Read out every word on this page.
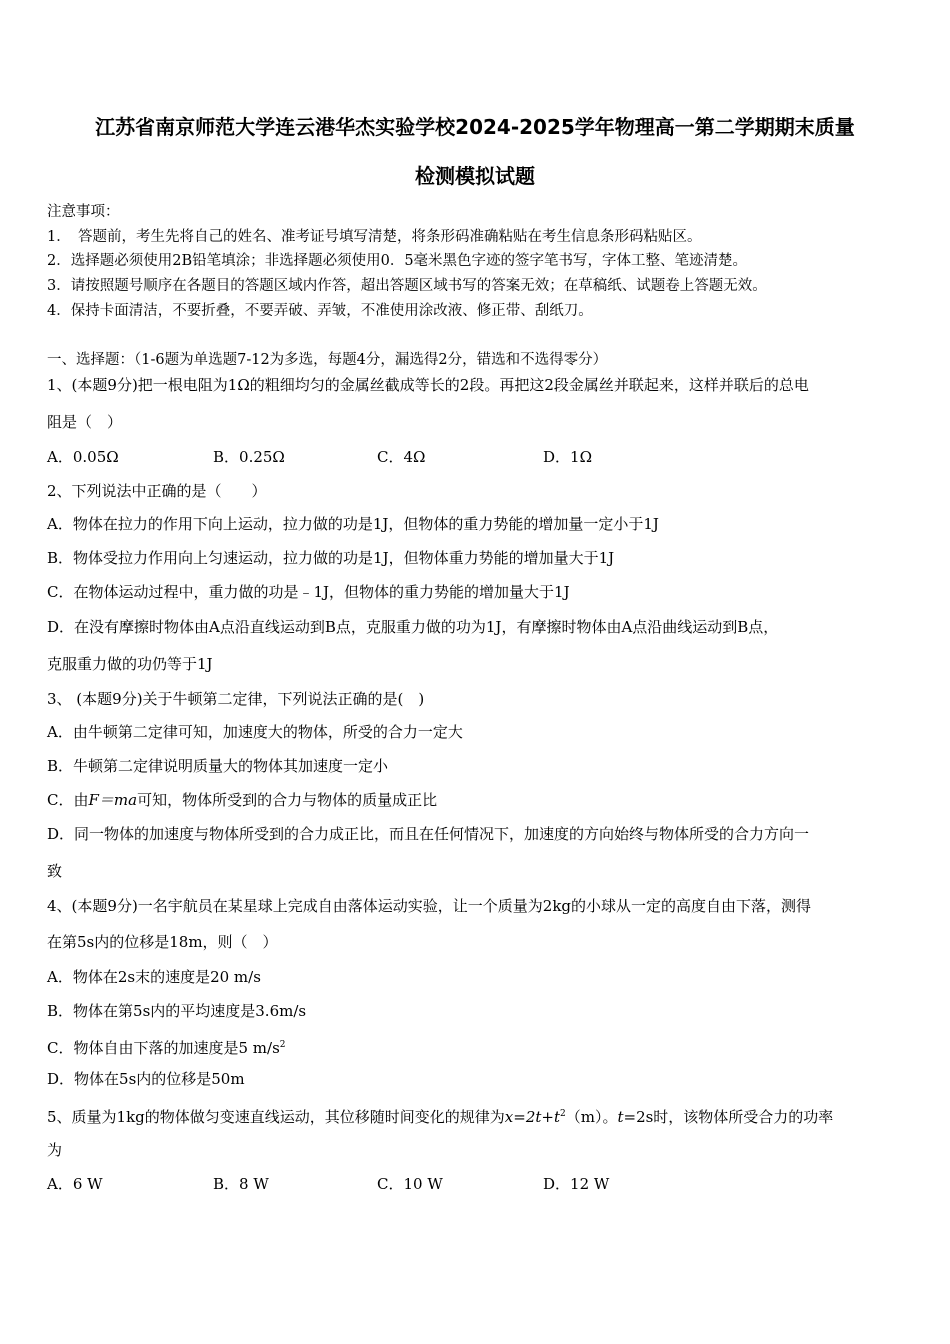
江苏省南京师范大学连云港华杰实验学校2024-2025学年物理高一第二学期期末质量
检测模拟试题
注意事项：
1．　答题前，考生先将自己的姓名、准考证号填写清楚，将条形码准确粘贴在考生信息条形码粘贴区。
2．选择题必须使用2B铅笔填涂；非选择题必须使用0．5毫米黑色字迹的签字笔书写，字体工整、笔迹清楚。
3．请按照题号顺序在各题目的答题区域内作答，超出答题区域书写的答案无效；在草稿纸、试题卷上答题无效。
4．保持卡面清洁，不要折叠，不要弄破、弄皱，不准使用涂改液、修正带、刮纸刀。
一、选择题：（1-6题为单选题7-12为多选，每题4分，漏选得2分，错选和不选得零分）
1、(本题9分)把一根电阻为1Ω的粗细均匀的金属丝截成等长的2段。再把这2段金属丝并联起来，这样并联后的总电
阻是（　）
A．0.05Ω	B．0.25Ω	C．4Ω	D．1Ω
2、下列说法中正确的是（　　）
A．物体在拉力的作用下向上运动，拉力做的功是1J，但物体的重力势能的增加量一定小于1J
B．物体受拉力作用向上匀速运动，拉力做的功是1J，但物体重力势能的增加量大于1J
C．在物体运动过程中，重力做的功是﹣1J，但物体的重力势能的增加量大于1J
D．在没有摩擦时物体由A点沿直线运动到B点，克服重力做的功为1J，有摩擦时物体由A点沿曲线运动到B点，
克服重力做的功仍等于1J
3、 (本题9分)关于牛顿第二定律，下列说法正确的是(　)
A．由牛顿第二定律可知，加速度大的物体，所受的合力一定大
B．牛顿第二定律说明质量大的物体其加速度一定小
C．由F＝ma可知，物体所受到的合力与物体的质量成正比
D．同一物体的加速度与物体所受到的合力成正比，而且在任何情况下，加速度的方向始终与物体所受的合力方向一
致
4、(本题9分)一名宇航员在某星球上完成自由落体运动实验，让一个质量为2kg的小球从一定的高度自由下落，测得
在第5s内的位移是18m，则（　）
A．物体在2s末的速度是20 m/s
B．物体在第5s内的平均速度是3.6m/s
C．物体自由下落的加速度是5 $m/s^2$
D．物体在5s内的位移是50m
5、质量为1kg的物体做匀变速直线运动，其位移随时间变化的规律为$x=2t+t^2(m)$。t=2s时，该物体所受合力的功率
为
A．6 W	B．8 W	C．10 W	D．12 W
